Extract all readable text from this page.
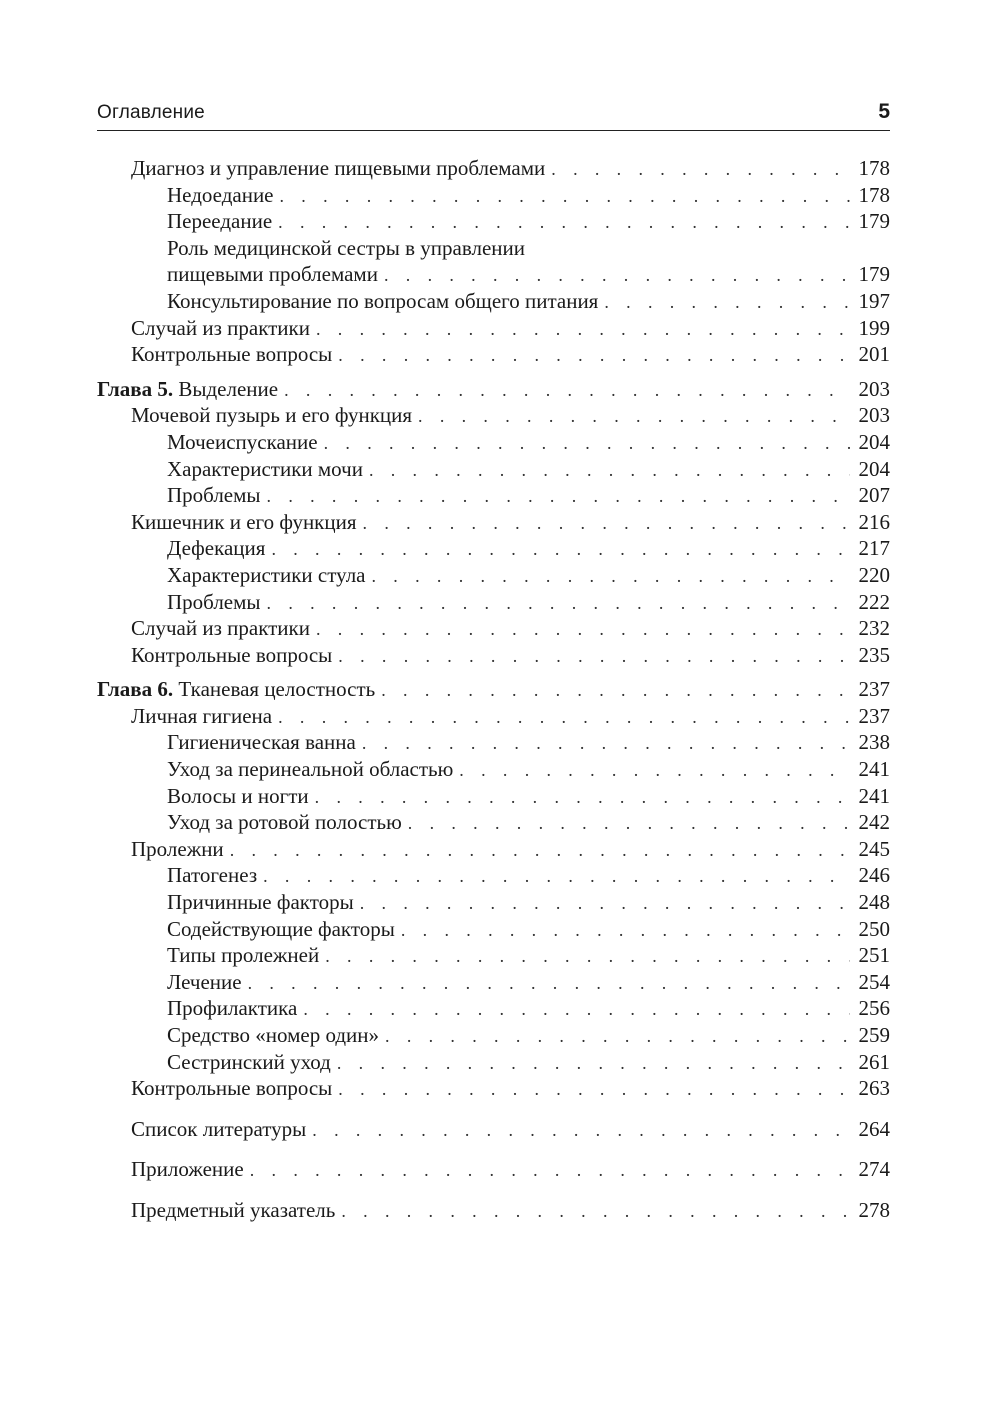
Оглавление	5
Диагноз и управление пищевыми проблемами . . .	178
Недоедание . . .	178
Переедание . . .	179
Роль медицинской сестры в управлении
пищевыми проблемами . . .	179
Консультирование по вопросам общего питания . . .	197
Случай из практики . . .	199
Контрольные вопросы . . .	201
Глава 5. Выделение . . .	203
Мочевой пузырь и его функция . . .	203
Мочеиспускание . . .	204
Характеристики мочи . . .	204
Проблемы . . .	207
Кишечник и его функция . . .	216
Дефекация . . .	217
Характеристики стула . . .	220
Проблемы . . .	222
Случай из практики . . .	232
Контрольные вопросы . . .	235
Глава 6. Тканевая целостность . . .	237
Личная гигиена . . .	237
Гигиеническая ванна . . .	238
Уход за перинеальной областью . . .	241
Волосы и ногти . . .	241
Уход за ротовой полостью . . .	242
Пролежни . . .	245
Патогенез . . .	246
Причинные факторы . . .	248
Содействующие факторы . . .	250
Типы пролежней . . .	251
Лечение . . .	254
Профилактика . . .	256
Средство «номер один» . . .	259
Сестринский уход . . .	261
Контрольные вопросы . . .	263
Список литературы . . .	264
Приложение . . .	274
Предметный указатель . . .	278
